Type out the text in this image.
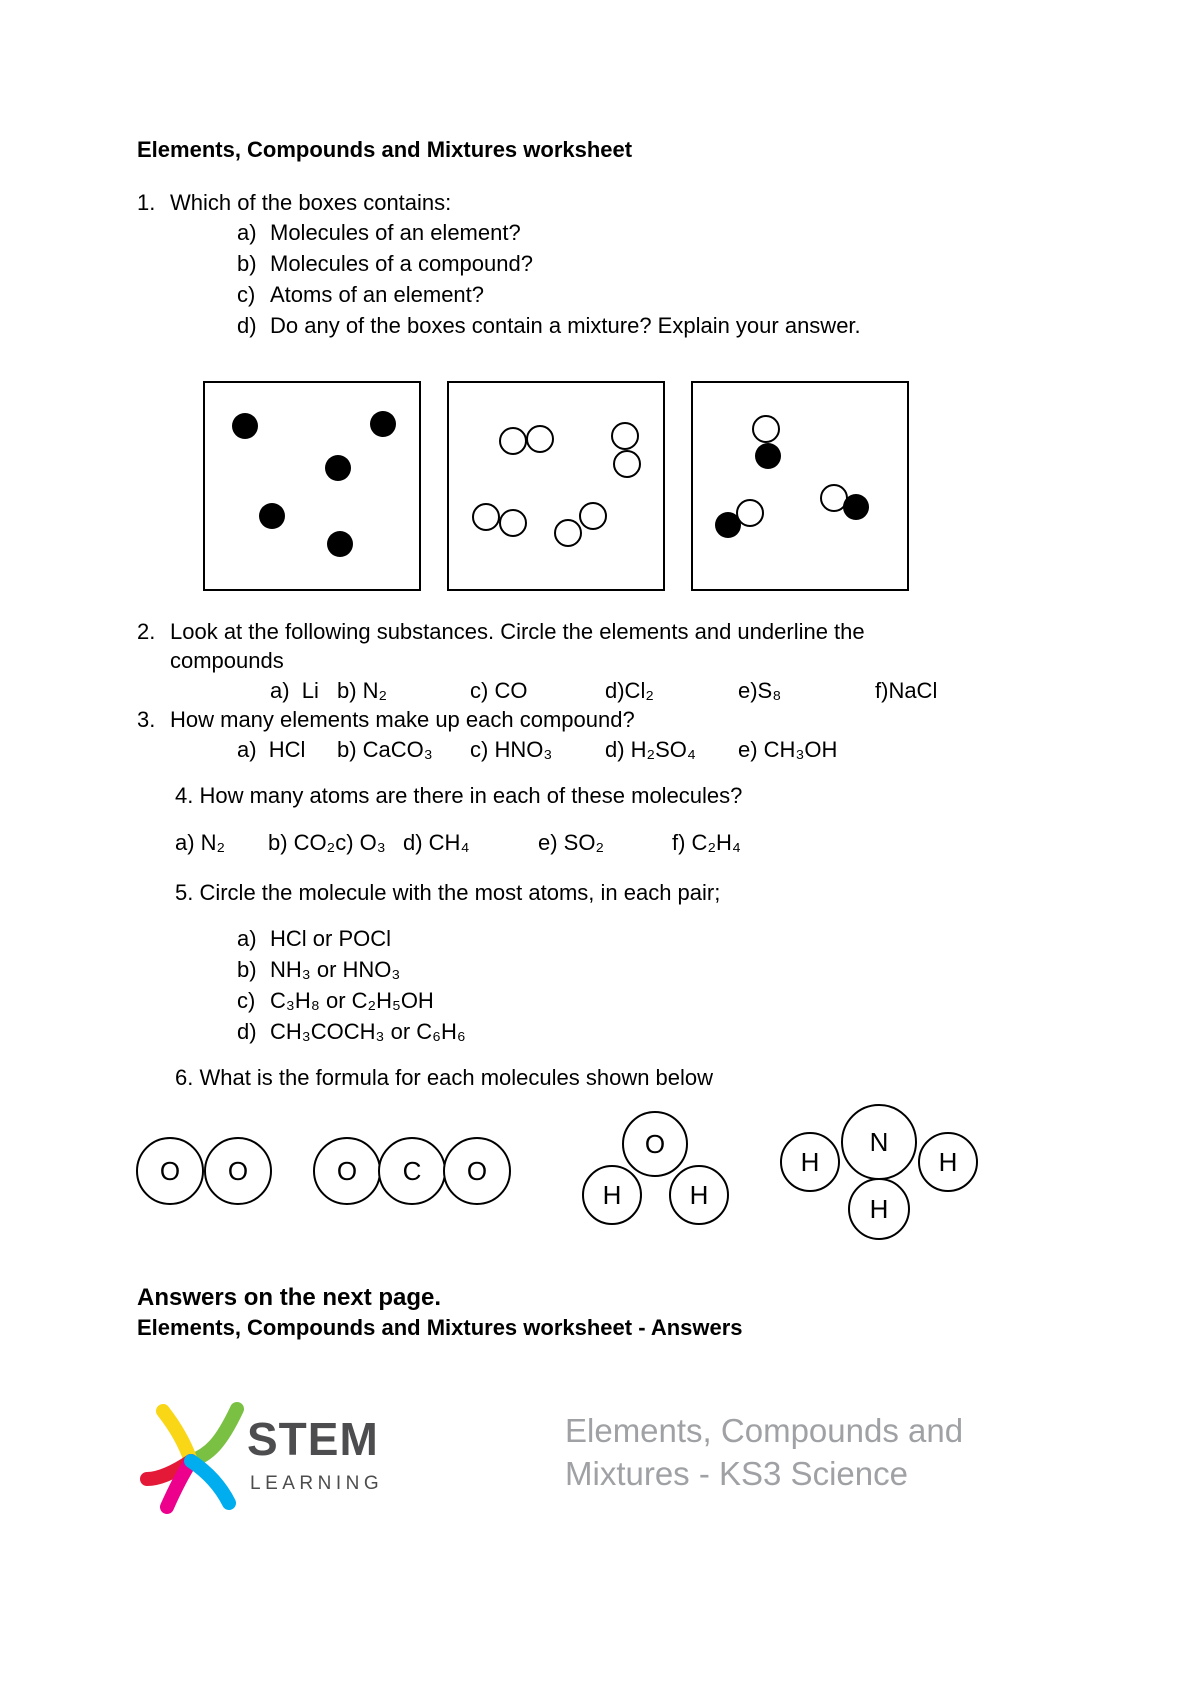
Elements, Compounds and Mixtures worksheet
1. Which of the boxes contains:
a) Molecules of an element?
b) Molecules of a compound?
c) Atoms of an element?
d) Do any of the boxes contain a mixture? Explain your answer.
2. Look at the following substances. Circle the elements and underline the compounds
a)  Li b) N₂	c) CO	d)Cl₂	e)S₈	f)NaCl
3. How many elements make up each compound?
a)  HCl	b) CaCO₃	c) HNO₃	d) H₂SO₄	e) CH₃OH
4. How many atoms are there in each of these molecules?
a) N₂	b) CO₂c) O₃ d) CH₄	e) SO₂	f) C₂H₄
5. Circle the molecule with the most atoms, in each pair;
a) HCl or POCl
b) NH₃ or HNO₃
c) C₃H₈ or C₂H₅OH
d) CH₃COCH₃ or C₆H₆
6. What is the formula for each molecules shown below
O O	O C O
O
H	H
N
H	H
H
Answers on the next page.
Elements, Compounds and Mixtures worksheet - Answers
STEM
LEARNING
Elements, Compounds and
Mixtures - KS3 Science
